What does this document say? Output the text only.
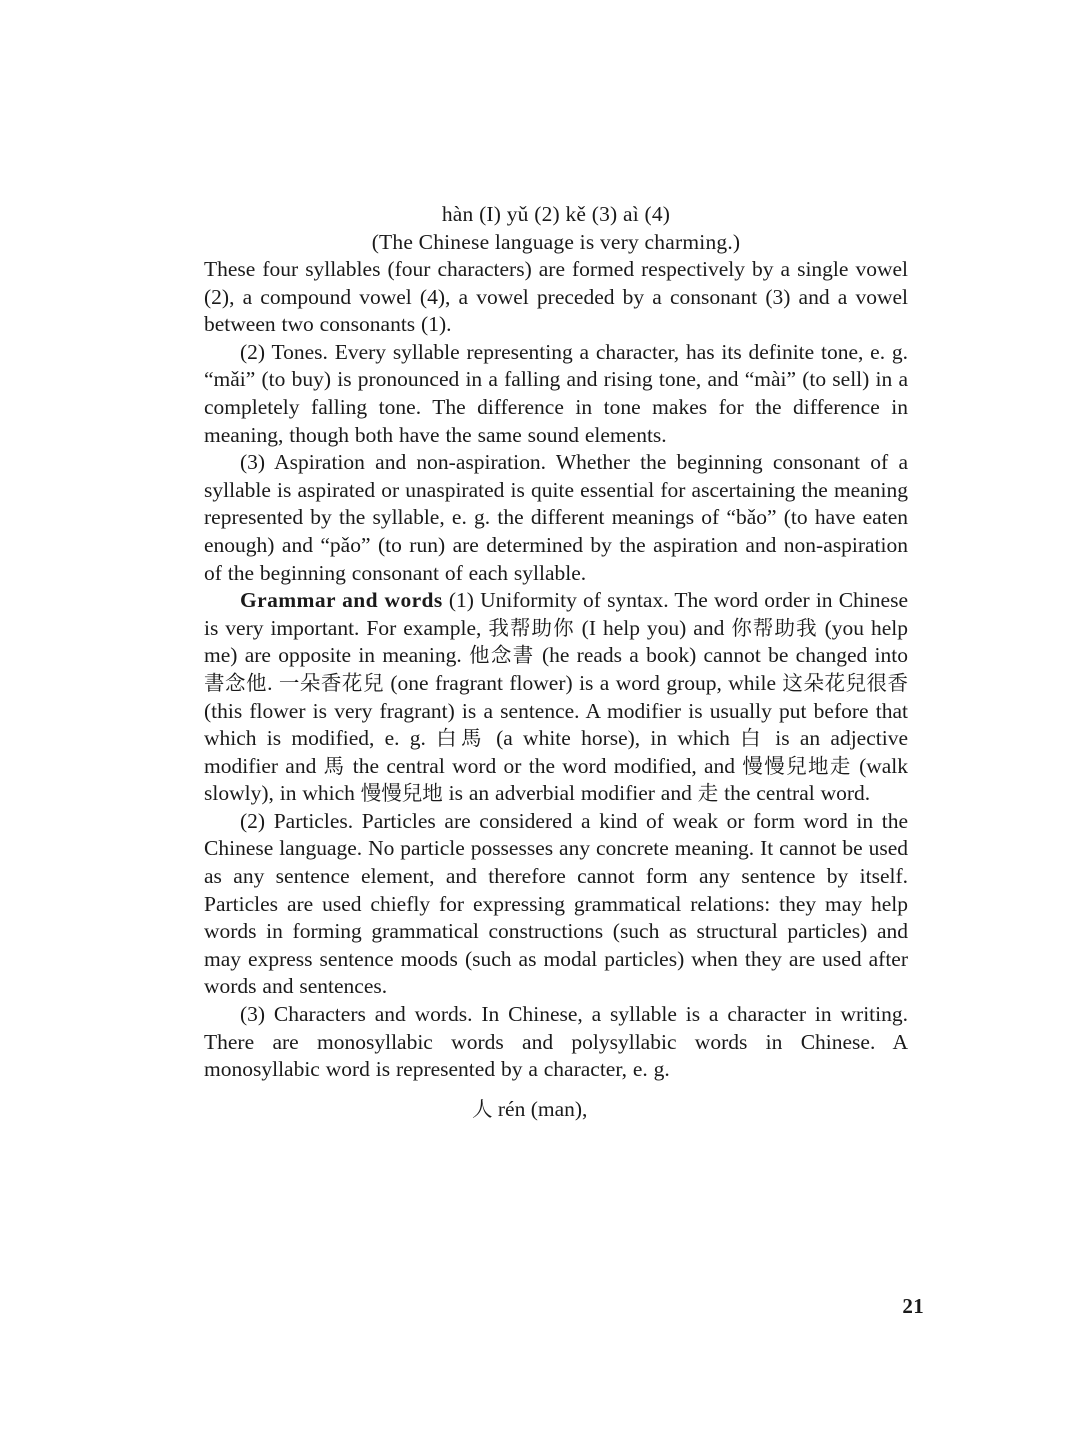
hàn (I) yǔ (2) kě (3) aì (4)
(The Chinese language is very charming.)

These four syllables (four characters) are formed respectively by a single vowel (2), a compound vowel (4), a vowel preceded by a consonant (3) and a vowel between two consonants (1).

(2) Tones. Every syllable representing a character, has its definite tone, e. g. “mǎi” (to buy) is pronounced in a falling and rising tone, and “mài” (to sell) in a completely falling tone. The difference in tone makes for the difference in meaning, though both have the same sound elements.

(3) Aspiration and non-aspiration. Whether the beginning consonant of a syllable is aspirated or unaspirated is quite essential for ascertaining the meaning represented by the syllable, e. g. the different meanings of “bǎo” (to have eaten enough) and “pǎo” (to run) are determined by the aspiration and non-aspiration of the beginning consonant of each syllable.

Grammar and words (1) Uniformity of syntax. The word order in Chinese is very important. For example, 我帮助你 (I help you) and 你帮助我 (you help me) are opposite in meaning. 他念書 (he reads a book) cannot be changed into 書念他. 一朵香花兒 (one fragrant flower) is a word group, while 这朵花兒很香 (this flower is very fragrant) is a sentence. A modifier is usually put before that which is modified, e. g. 白馬 (a white horse), in which 白 is an adjective modifier and 馬 the central word or the word modified, and 慢慢兒地走 (walk slowly), in which 慢慢兒地 is an adverbial modifier and 走 the central word.

(2) Particles. Particles are considered a kind of weak or form word in the Chinese language. No particle possesses any concrete meaning. It cannot be used as any sentence element, and therefore cannot form any sentence by itself. Particles are used chiefly for expressing grammatical relations: they may help words in forming grammatical constructions (such as structural particles) and may express sentence moods (such as modal particles) when they are used after words and sentences.

(3) Characters and words. In Chinese, a syllable is a character in writing. There are monosyllabic words and polysyllabic words in Chinese. A monosyllabic word is represented by a character, e. g.

人 rén (man),

21
